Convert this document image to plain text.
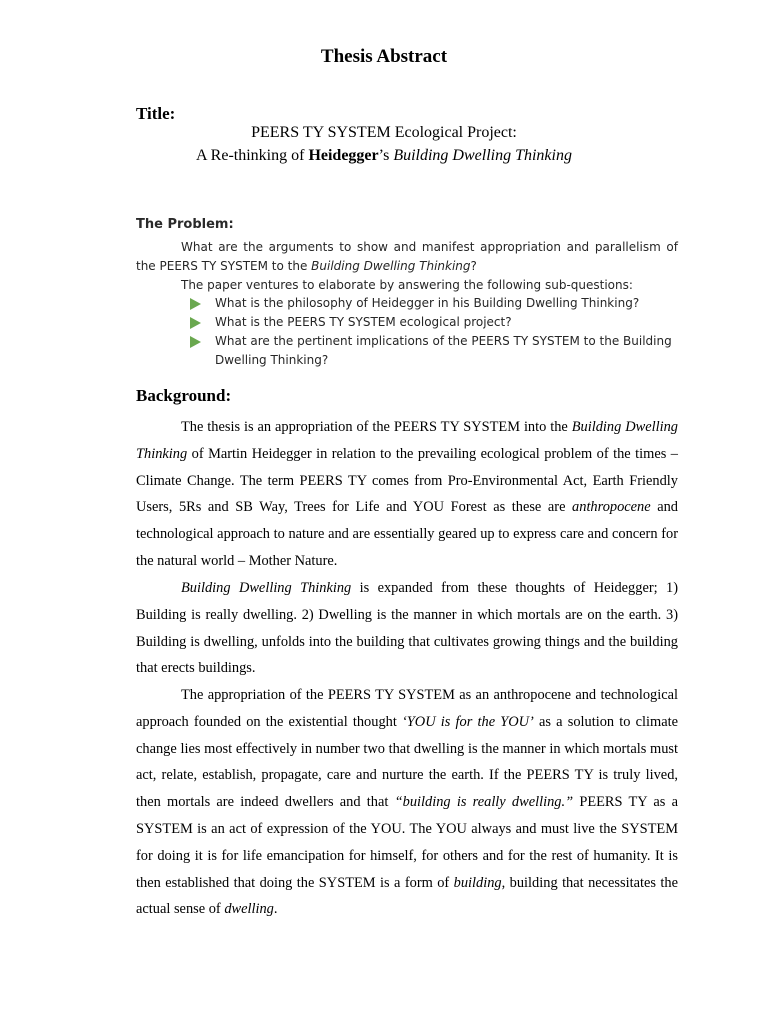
Thesis Abstract
Title:
PEERS TY SYSTEM Ecological Project:
A Re-thinking of Heidegger’s Building Dwelling Thinking
The Problem:
What are the arguments to show and manifest appropriation and parallelism of the PEERS TY SYSTEM to the Building Dwelling Thinking?
The paper ventures to elaborate by answering the following sub-questions:
What is the philosophy of Heidegger in his Building Dwelling Thinking?
What is the PEERS TY SYSTEM ecological project?
What are the pertinent implications of the PEERS TY SYSTEM to the Building Dwelling Thinking?
Background:

The thesis is an appropriation of the PEERS TY SYSTEM into the Building Dwelling Thinking of Martin Heidegger in relation to the prevailing ecological problem of the times – Climate Change. The term PEERS TY comes from Pro-Environmental Act, Earth Friendly Users, 5Rs and SB Way, Trees for Life and YOU Forest as these are anthropocene and technological approach to nature and are essentially geared up to express care and concern for the natural world – Mother Nature.

Building Dwelling Thinking is expanded from these thoughts of Heidegger; 1) Building is really dwelling. 2) Dwelling is the manner in which mortals are on the earth. 3) Building is dwelling, unfolds into the building that cultivates growing things and the building that erects buildings.

The appropriation of the PEERS TY SYSTEM as an anthropocene and technological approach founded on the existential thought ‘YOU is for the YOU’ as a solution to climate change lies most effectively in number two that dwelling is the manner in which mortals must act, relate, establish, propagate, care and nurture the earth. If the PEERS TY is truly lived, then mortals are indeed dwellers and that “building is really dwelling.” PEERS TY as a SYSTEM is an act of expression of the YOU. The YOU always and must live the SYSTEM for doing it is for life emancipation for himself, for others and for the rest of humanity. It is then established that doing the SYSTEM is a form of building, building that necessitates the actual sense of dwelling.
